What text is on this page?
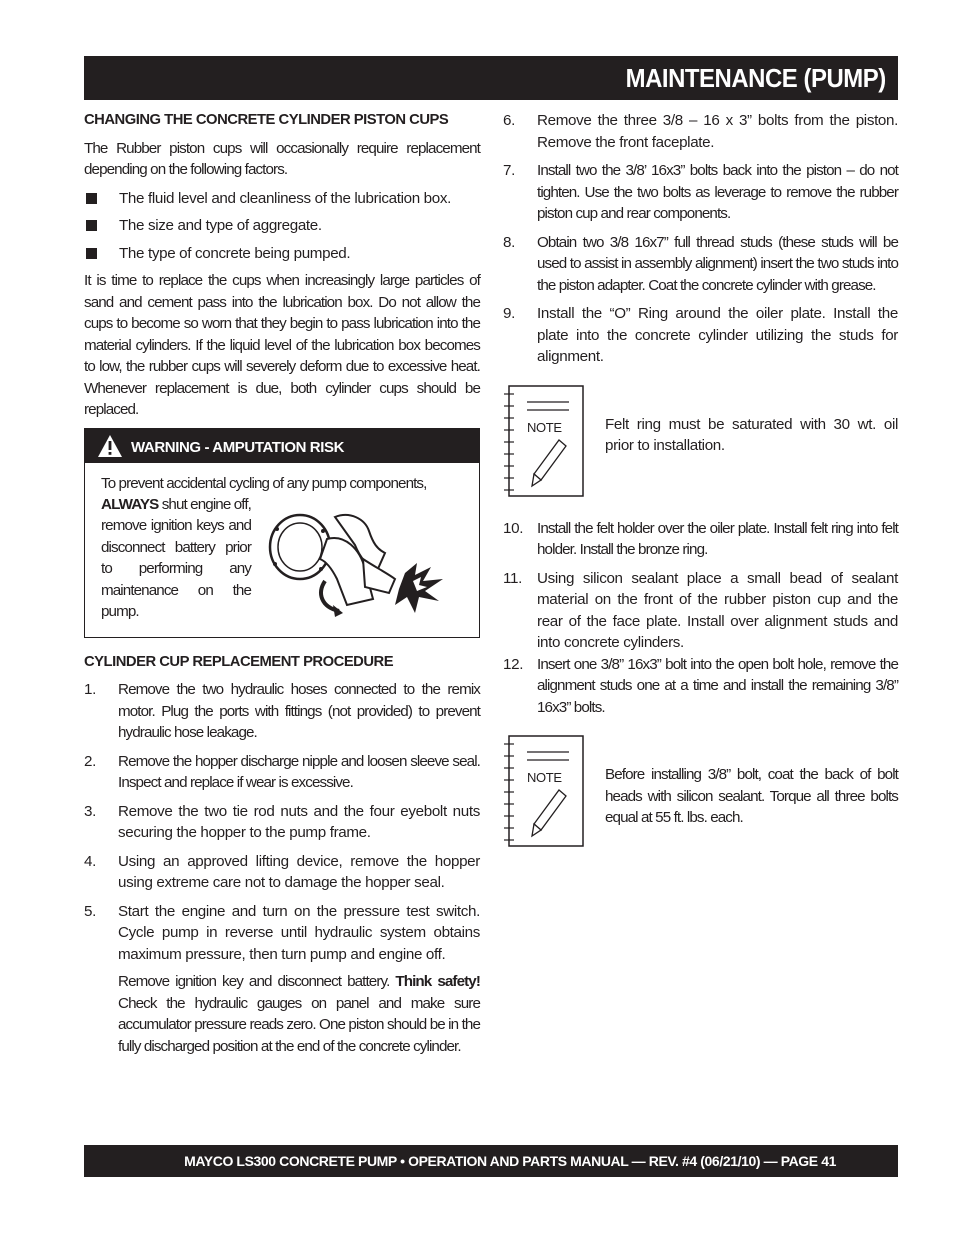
MAINTENANCE (PUMP)
CHANGING THE CONCRETE CYLINDER PISTON CUPS
The Rubber piston cups will occasionally require replacement depending on the following factors.
The fluid level and cleanliness of the lubrication box.
The size and type of aggregate.
The type of concrete being pumped.
It is time to replace the cups when increasingly large particles of sand and cement pass into the lubrication box. Do not allow the cups to become so worn that they begin to pass lubrication into the material cylinders. If the liquid level of the lubrication box becomes to low, the rubber cups will severely deform due to excessive heat. Whenever replacement is due, both cylinder cups should be replaced.
WARNING - AMPUTATION RISK
To prevent accidental cycling of any pump components,
ALWAYS shut engine off, remove ignition keys and disconnect battery prior to performing any maintenance on the pump.
CYLINDER CUP REPLACEMENT PROCEDURE
1.	Remove the two hydraulic hoses connected to the remix motor. Plug the ports with fittings (not provided) to prevent hydraulic hose leakage.
2.	Remove the hopper discharge nipple and loosen sleeve seal. Inspect and replace if wear is excessive.
3.	Remove the two tie rod nuts and the four eyebolt nuts securing the hopper to the pump frame.
4.	Using an approved lifting device, remove the hopper using extreme care not to damage the hopper seal.
5.	Start the engine and turn on the pressure test switch. Cycle pump in reverse until hydraulic system obtains maximum pressure, then turn pump and engine off.
Remove ignition key and disconnect battery. Think safety! Check the hydraulic gauges on panel and make sure accumulator pressure reads zero. One piston should be in the fully discharged position at the end of the concrete cylinder.
6.	Remove the three 3/8 – 16 x 3” bolts from the piston. Remove the front faceplate.
7.	Install two the 3/8’ 16x3” bolts back into the piston – do not tighten. Use the two bolts as leverage to remove the rubber piston cup and rear components.
8.	Obtain two 3/8 16x7” full thread studs (these studs will be used to assist in assembly alignment) insert the two studs into the piston adapter. Coat the concrete cylinder with grease.
9.	Install the “O” Ring around the oiler plate. Install the plate into the concrete cylinder utilizing the studs for alignment.
NOTE	Felt ring must be saturated with 30 wt. oil prior to installation.
10. Install the felt holder over the oiler plate. Install felt ring into felt holder. Install the bronze ring.
11. Using silicon sealant place a small bead of sealant material on the front of the rubber piston cup and the rear of the face plate. Install over alignment studs and into concrete cylinders.
12. Insert one 3/8” 16x3” bolt into the open bolt hole, remove the alignment studs one at a time and install the remaining 3/8” 16x3” bolts.
NOTE	Before installing 3/8” bolt, coat the back of bolt heads with silicon sealant. Torque all three bolts equal at 55 ft. lbs. each.
MAYCO LS300 CONCRETE PUMP • OPERATION AND PARTS MANUAL — REV. #4 (06/21/10) — PAGE 41
